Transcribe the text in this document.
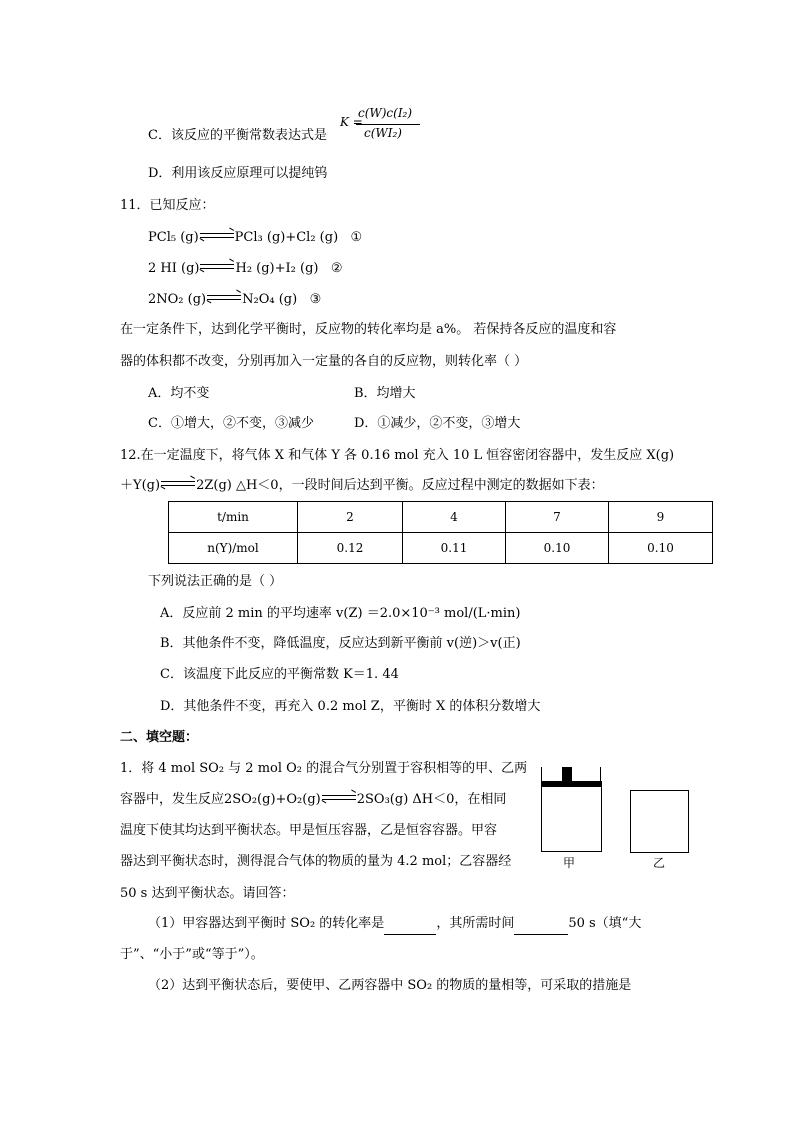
C．该反应的平衡常数表达式是
K =
c(W)c(I₂)
c(WI₂)
D．利用该反应原理可以提纯钨
11．已知反应：
PCl₅ (g)	PCl₃ (g)+Cl₂ (g) ①
2 HI (g)	H₂ (g)+I₂ (g) ②
2NO₂ (g)	N₂O₄ (g) ③
在一定条件下，达到化学平衡时，反应物的转化率均是 a%。 若保持各反应的温度和容
器的体积都不改变，分别再加入一定量的各自的反应物，则转化率（ ）
A．均不变	B．均增大
C．①增大，②不变，③减少	D．①减少，②不变，③增大
12.在一定温度下，将气体 X 和气体 Y 各 0.16 mol 充入 10 L 恒容密闭容器中，发生反应 X(g)
＋Y(g)	2Z(g) △H＜0，一段时间后达到平衡。反应过程中测定的数据如下表：
t/min	2	4	7	9
n(Y)/mol	0.12	0.11	0.10	0.10
下列说法正确的是（ ）
A．反应前 2 min 的平均速率 v(Z) ＝2.0×10⁻³ mol/(L·min)
B．其他条件不变，降低温度，反应达到新平衡前 v(逆)＞v(正)
C．该温度下此反应的平衡常数 K＝1. 44
D．其他条件不变，再充入 0.2 mol Z，平衡时 X 的体积分数增大
二、填空题：
1．将 4 mol SO₂ 与 2 mol O₂ 的混合气分别置于容积相等的甲、乙两
容器中，发生反应2SO₂(g)+O₂(g)	2SO₃(g) ΔH＜0，在相同
温度下使其均达到平衡状态。甲是恒压容器，乙是恒容容器。甲容
器达到平衡状态时，测得混合气体的物质的量为 4.2 mol；乙容器经
50 s 达到平衡状态。请回答：
甲	乙
（1）甲容器达到平衡时 SO₂ 的转化率是	，其所需时间	50 s（填“大
于”、“小于”或“等于”）。
（2）达到平衡状态后，要使甲、乙两容器中 SO₂ 的物质的量相等，可采取的措施是
